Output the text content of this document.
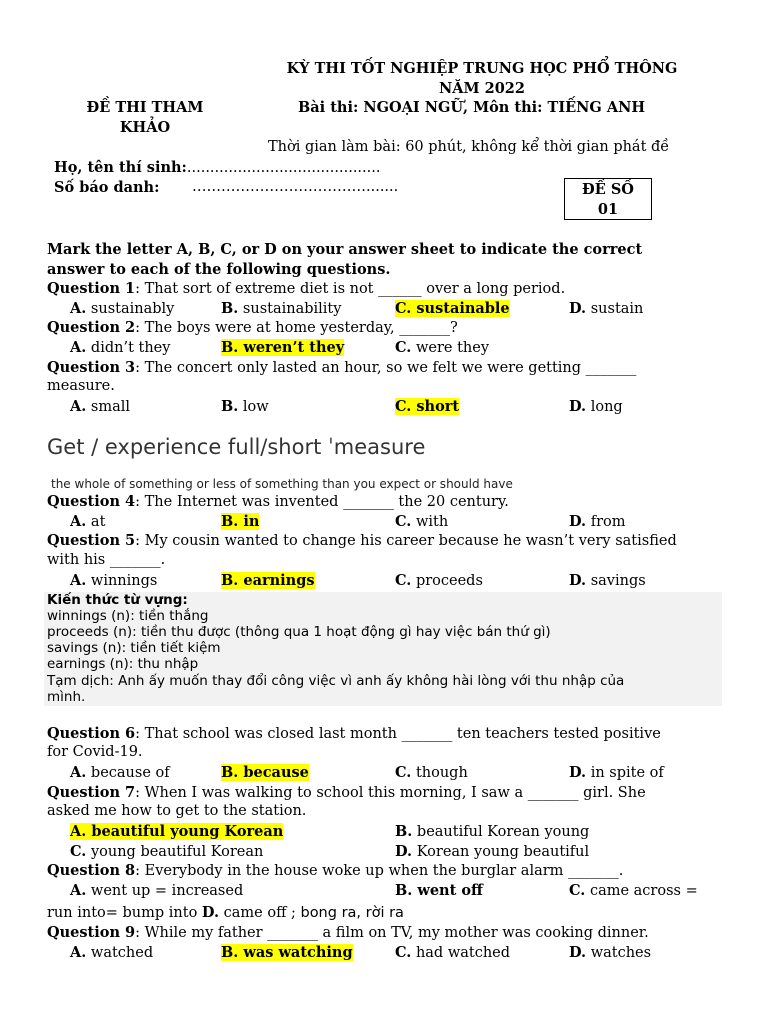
KỲ THI TỐT NGHIỆP TRUNG HỌC PHỔ THÔNG
NĂM 2022
ĐỀ THI THAM
KHẢO
Bài thi: NGOẠI NGỮ, Môn thi: TIẾNG ANH
Thời gian làm bài: 60 phút, không kể thời gian phát đề
Họ, tên thí sinh:..........................................
Số báo danh: ……………………………….......	ĐỀ SỐ
01
Mark the letter A, B, C, or D on your answer sheet to indicate the correct
answer to each of the following questions.
Question 1: That sort of extreme diet is not ______ over a long period.
A. sustainably	B. sustainability	C. sustainable	D. sustain
Question 2: The boys were at home yesterday, _______?
A. didn’t they	B. weren’t they	C. were they
Question 3: The concert only lasted an hour, so we felt we were getting _______
measure.
A. small	B. low	C. short	D. long
Get / experience full/short ˈmeasure
the whole of something or less of something than you expect or should have
Question 4: The Internet was invented _______ the 20 century.
A. at	B. in	C. with	D. from
Question 5: My cousin wanted to change his career because he wasn’t very satisfied
with his _______.
A. winnings	B. earnings	C. proceeds	D. savings
Kiến thức từ vựng:
winnings (n): tiền thắng
proceeds (n): tiền thu được (thông qua 1 hoạt động gì hay việc bán thứ gì)
savings (n): tiền tiết kiệm
earnings (n): thu nhập
Tạm dịch: Anh ấy muốn thay đổi công việc vì anh ấy không hài lòng với thu nhập của
mình.
Question 6: That school was closed last month _______ ten teachers tested positive
for Covid-19.
A. because of	B. because	C. though	D. in spite of
Question 7: When I was walking to school this morning, I saw a _______ girl. She
asked me how to get to the station.
A. beautiful young Korean	B. beautiful Korean young
C. young beautiful Korean	D. Korean young beautiful
Question 8: Everybody in the house woke up when the burglar alarm _______.
A. went up = increased	B. went off	C. came across =
run into= bump into D. came off ; bong ra, rời ra
Question 9: While my father _______ a film on TV, my mother was cooking dinner.
A. watched	B. was watching	C. had watched	D. watches
